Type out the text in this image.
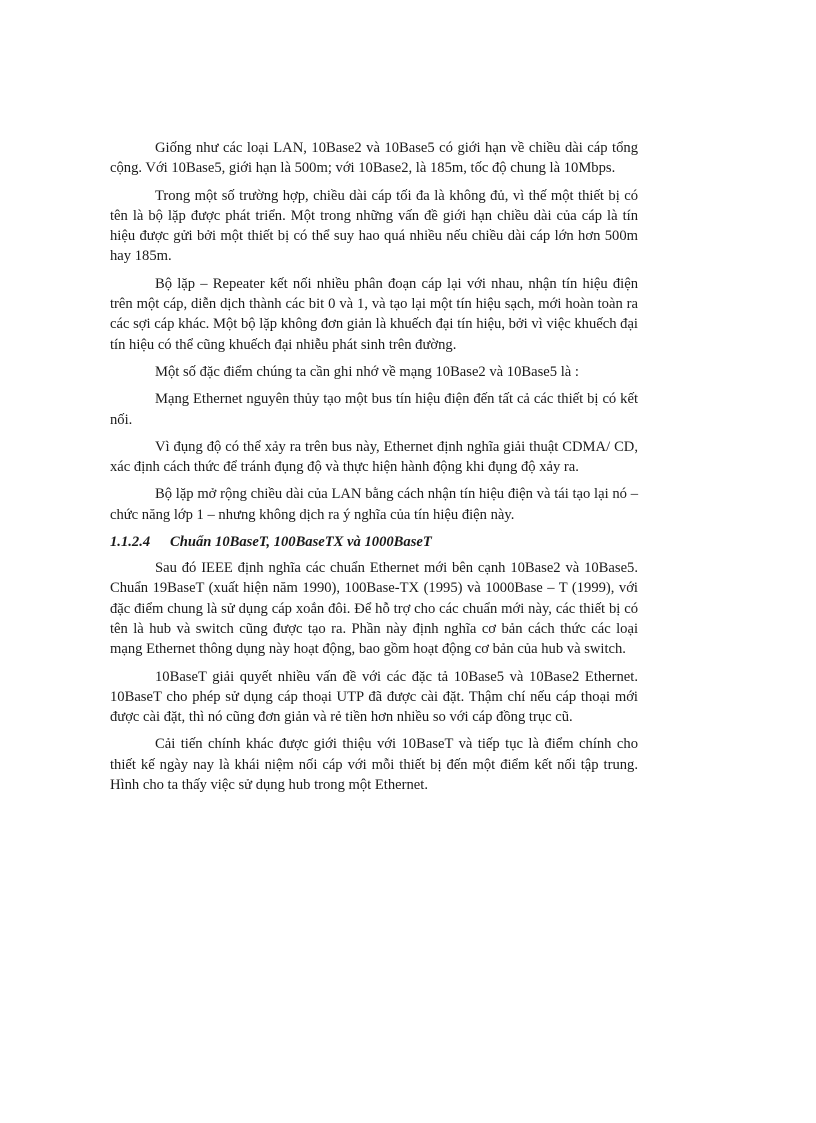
Giống như các loại LAN, 10Base2 và 10Base5 có giới hạn về chiều dài cáp tổng cộng. Với 10Base5, giới hạn là 500m; với 10Base2, là 185m, tốc độ chung là 10Mbps.

Trong một số trường hợp, chiều dài cáp tối đa là không đủ, vì thế một thiết bị có tên là bộ lặp được phát triển. Một trong những vấn đề giới hạn chiều dài của cáp là tín hiệu được gửi bởi một thiết bị có thể suy hao quá nhiều nếu chiều dài cáp lớn hơn 500m hay 185m.

Bộ lặp – Repeater kết nối nhiều phân đoạn cáp lại với nhau, nhận tín hiệu điện trên một cáp, diễn dịch thành các bit 0 và 1, và tạo lại một tín hiệu sạch, mới hoàn toàn ra các sợi cáp khác. Một bộ lặp không đơn giản là khuếch đại tín hiệu, bởi vì việc khuếch đại tín hiệu có thể cũng khuếch đại nhiễu phát sinh trên đường.

Một số đặc điểm chúng ta cần ghi nhớ về mạng 10Base2 và 10Base5 là :

Mạng Ethernet nguyên thủy tạo một bus tín hiệu điện đến tất cả các thiết bị có kết nối.

Vì đụng độ có thể xảy ra trên bus này, Ethernet định nghĩa giải thuật CDMA/ CD, xác định cách thức để tránh đụng độ và thực hiện hành động khi đụng độ xảy ra.

Bộ lặp mở rộng chiều dài của LAN bằng cách nhận tín hiệu điện và tái tạo lại nó – chức năng lớp 1 – nhưng không dịch ra ý nghĩa của tín hiệu điện này.

1.1.2.4 Chuẩn 10BaseT, 100BaseTX và 1000BaseT

Sau đó IEEE định nghĩa các chuẩn Ethernet mới bên cạnh 10Base2 và 10Base5. Chuẩn 19BaseT (xuất hiện năm 1990), 100Base-TX (1995) và 1000Base – T (1999), với đặc điểm chung là sử dụng cáp xoắn đôi. Để hỗ trợ cho các chuẩn mới này, các thiết bị có tên là hub và switch cũng được tạo ra. Phần này định nghĩa cơ bản cách thức các loại mạng Ethernet thông dụng này hoạt động, bao gồm hoạt động cơ bản của hub và switch.

10BaseT giải quyết nhiều vấn đề với các đặc tả 10Base5 và 10Base2 Ethernet. 10BaseT cho phép sử dụng cáp thoại UTP đã được cài đặt. Thậm chí nếu cáp thoại mới được cài đặt, thì nó cũng đơn giản và rẻ tiền hơn nhiều so với cáp đồng trục cũ.

Cải tiến chính khác được giới thiệu với 10BaseT và tiếp tục là điểm chính cho thiết kế ngày nay là khái niệm nối cáp với mỗi thiết bị đến một điểm kết nối tập trung. Hình cho ta thấy việc sử dụng hub trong một Ethernet.
